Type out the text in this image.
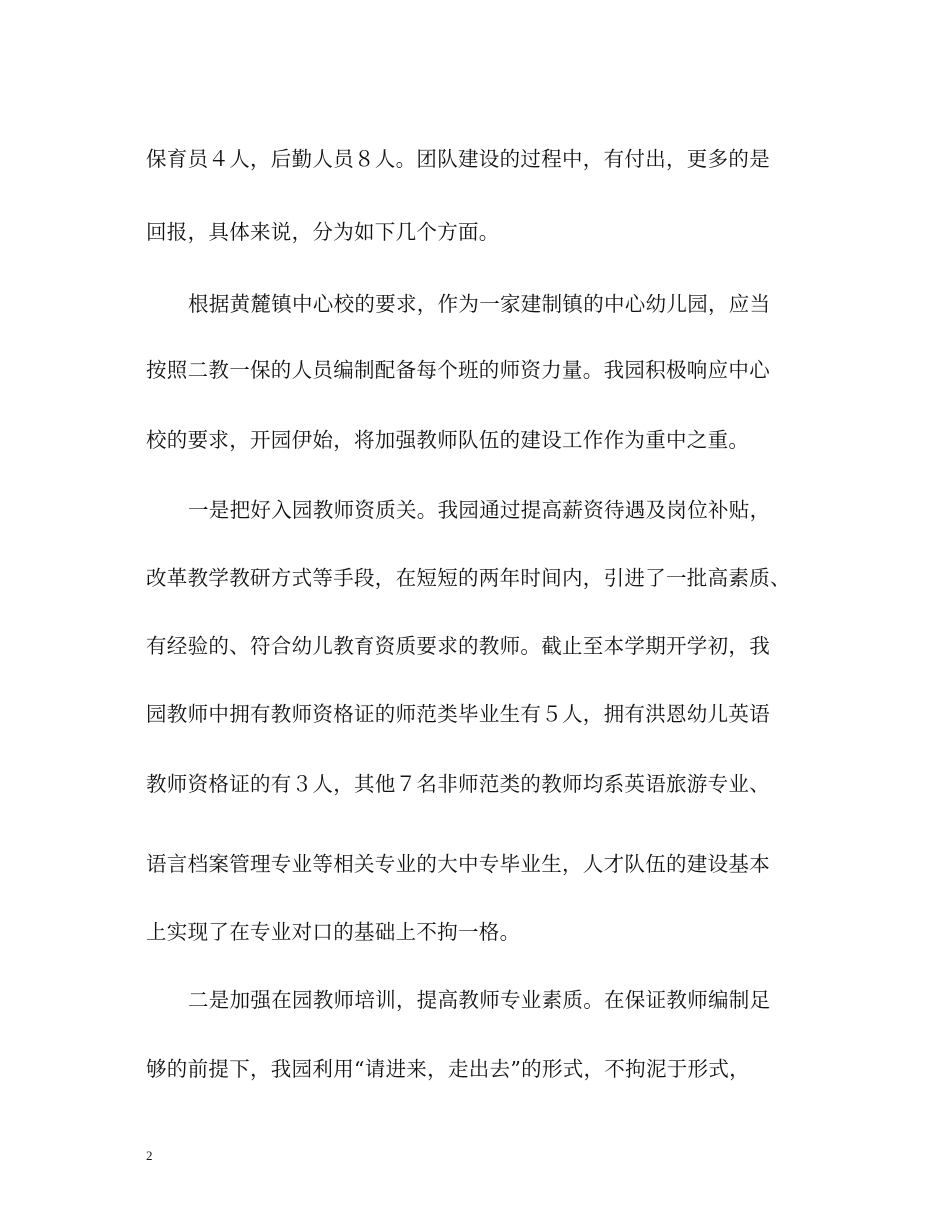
保育员４人，后勤人员８人。团队建设的过程中，有付出，更多的是
回报，具体来说，分为如下几个方面。
根据黄麓镇中心校的要求，作为一家建制镇的中心幼儿园，应当
按照二教一保的人员编制配备每个班的师资力量。我园积极响应中心
校的要求，开园伊始，将加强教师队伍的建设工作作为重中之重。
一是把好入园教师资质关。我园通过提高薪资待遇及岗位补贴，
改革教学教研方式等手段，在短短的两年时间内，引进了一批高素质、
有经验的、符合幼儿教育资质要求的教师。截止至本学期开学初，我
园教师中拥有教师资格证的师范类毕业生有５人，拥有洪恩幼儿英语
教师资格证的有３人，其他７名非师范类的教师均系英语旅游专业、
语言档案管理专业等相关专业的大中专毕业生，人才队伍的建设基本
上实现了在专业对口的基础上不拘一格。
二是加强在园教师培训，提高教师专业素质。在保证教师编制足
够的前提下，我园利用“请进来，走出去”的形式，不拘泥于形式，
2
